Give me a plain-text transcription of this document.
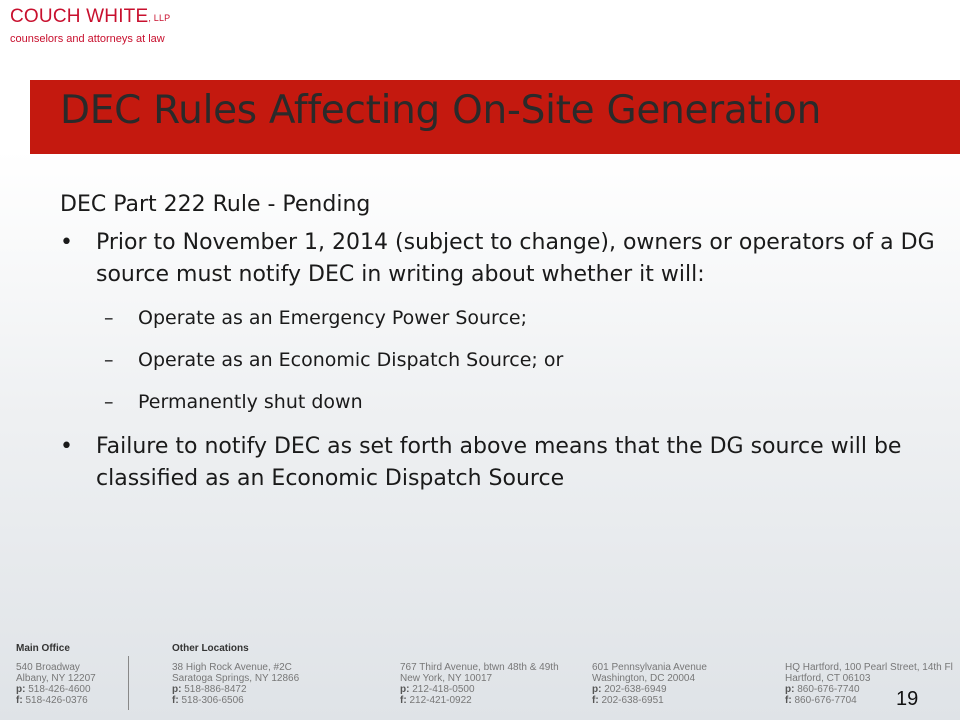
COUCH WHITE, LLP
counselors and attorneys at law
DEC Rules Affecting On-Site Generation
DEC Part 222 Rule - Pending
• Prior to November 1, 2014 (subject to change), owners or operators of a DG source must notify DEC in writing about whether it will:
– Operate as an Emergency Power Source;
– Operate as an Economic Dispatch Source; or
– Permanently shut down
• Failure to notify DEC as set forth above means that the DG source will be classified as an Economic Dispatch Source
Main Office	Other Locations
540 Broadway
Albany, NY 12207
p: 518-426-4600
f: 518-426-0376
38 High Rock Avenue, #2C
Saratoga Springs, NY 12866
p: 518-886-8472
f: 518-306-6506
767 Third Avenue, btwn 48th & 49th
New York, NY 10017
p: 212-418-0500
f: 212-421-0922
601 Pennsylvania Avenue
Washington, DC 20004
p: 202-638-6949
f: 202-638-6951
HQ Hartford, 100 Pearl Street, 14th Fl
Hartford, CT 06103
p: 860-676-7740
f: 860-676-7704	19
